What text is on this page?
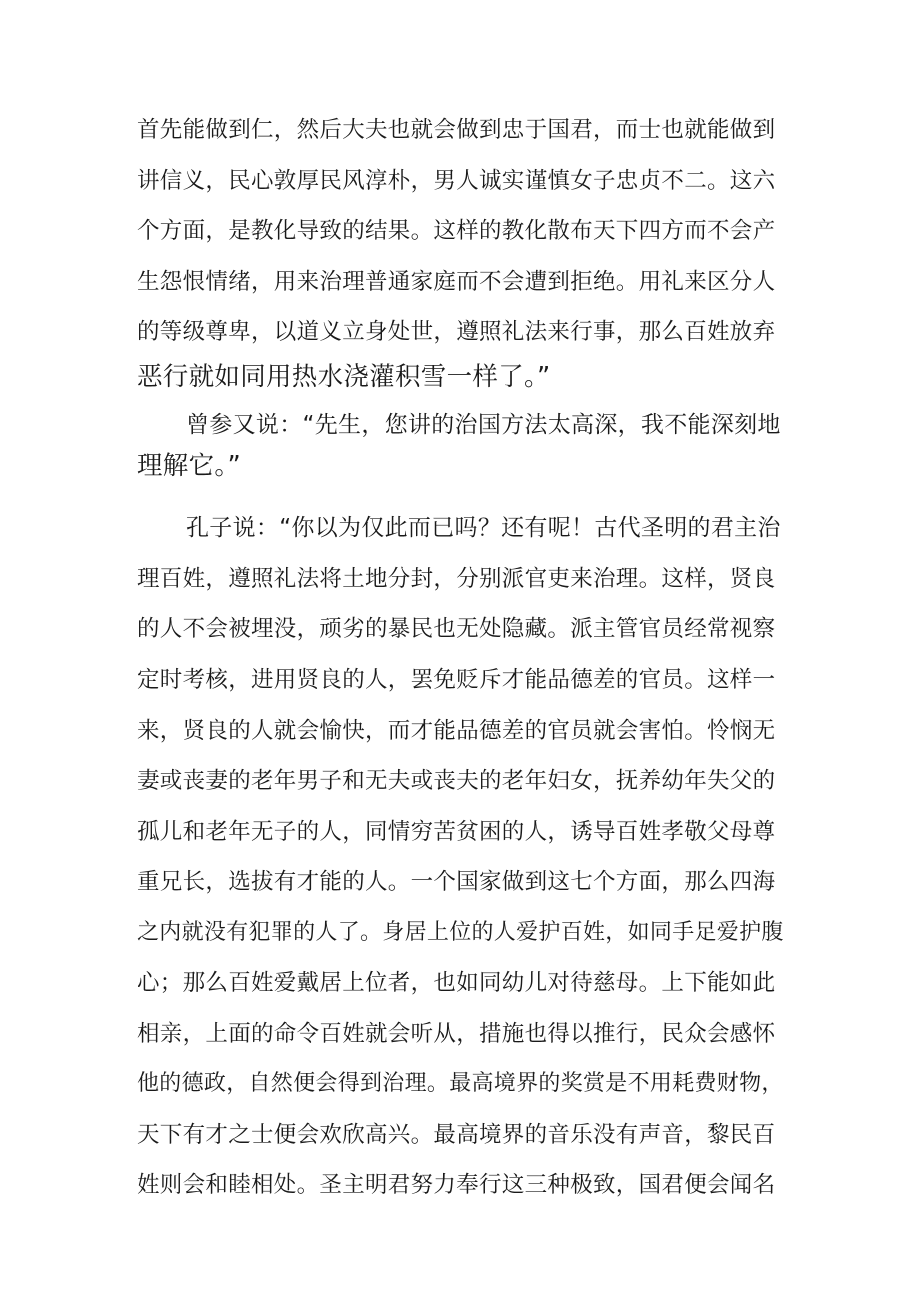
首先能做到仁，然后大夫也就会做到忠于国君，而士也就能做到
讲信义，民心敦厚民风淳朴，男人诚实谨慎女子忠贞不二。这六
个方面，是教化导致的结果。这样的教化散布天下四方而不会产
生怨恨情绪，用来治理普通家庭而不会遭到拒绝。用礼来区分人
的等级尊卑，以道义立身处世，遵照礼法来行事，那么百姓放弃
恶行就如同用热水浇灌积雪一样了。”
曾参又说：“先生，您讲的治国方法太高深，我不能深刻地
理解它。”
孔子说：“你以为仅此而已吗？还有呢！古代圣明的君主治
理百姓，遵照礼法将土地分封，分别派官吏来治理。这样，贤良
的人不会被埋没，顽劣的暴民也无处隐藏。派主管官员经常视察
定时考核，进用贤良的人，罢免贬斥才能品德差的官员。这样一
来，贤良的人就会愉快，而才能品德差的官员就会害怕。怜悯无
妻或丧妻的老年男子和无夫或丧夫的老年妇女，抚养幼年失父的
孤儿和老年无子的人，同情穷苦贫困的人，诱导百姓孝敬父母尊
重兄长，选拔有才能的人。一个国家做到这七个方面，那么四海
之内就没有犯罪的人了。身居上位的人爱护百姓，如同手足爱护腹
心；那么百姓爱戴居上位者，也如同幼儿对待慈母。上下能如此
相亲，上面的命令百姓就会听从，措施也得以推行，民众会感怀
他的德政，自然便会得到治理。最高境界的奖赏是不用耗费财物，
天下有才之士便会欢欣高兴。最高境界的音乐没有声音，黎民百
姓则会和睦相处。圣主明君努力奉行这三种极致，国君便会闻名
